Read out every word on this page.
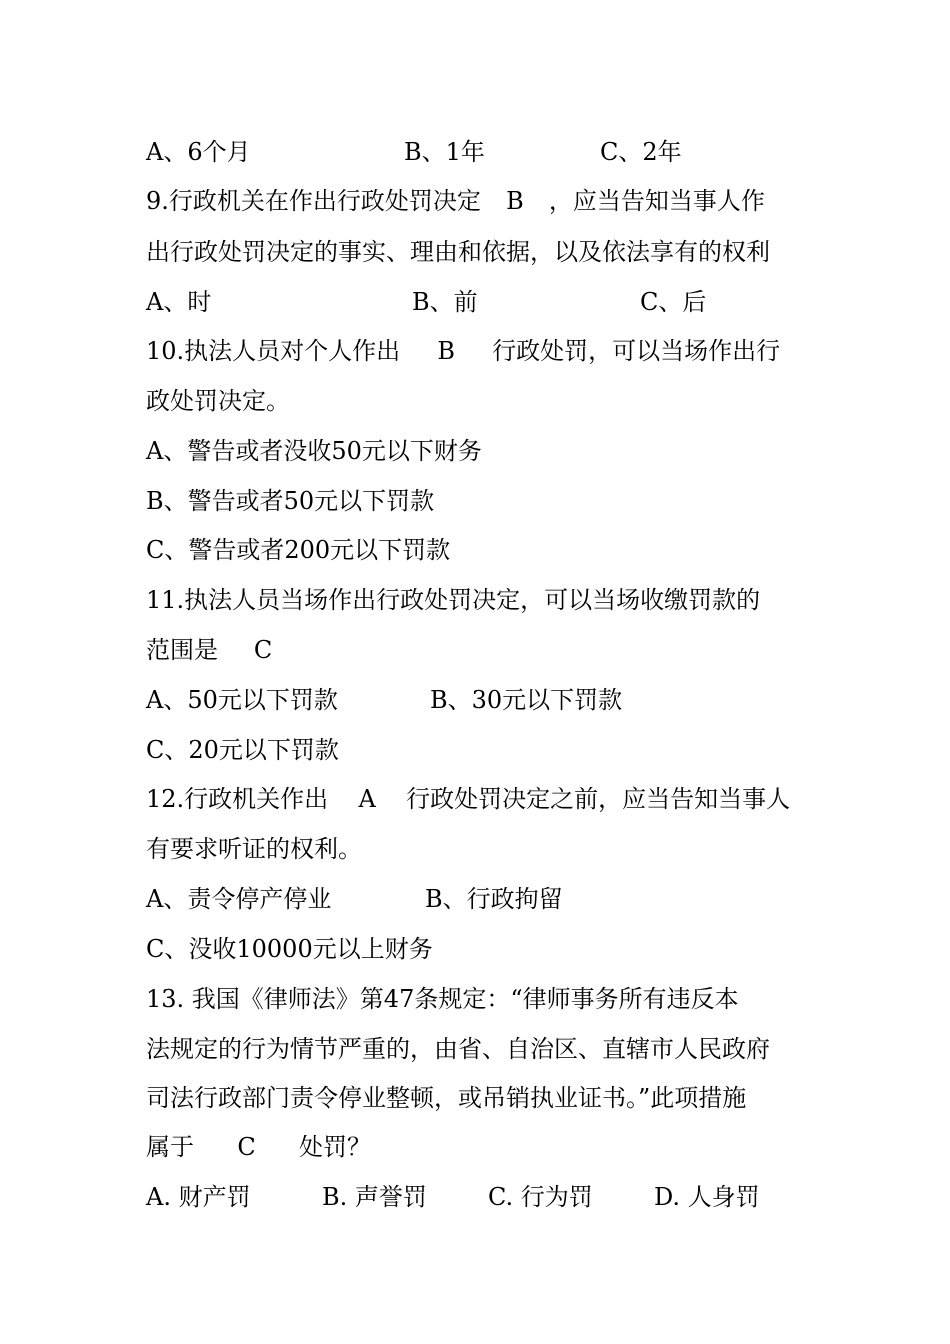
A、6个月	B、1年	C、2年
9.行政机关在作出行政处罚决定 B ，应当告知当事人作
出行政处罚决定的事实、理由和依据，以及依法享有的权利
A、时	B、前	C、后
10.执法人员对个人作出 B 行政处罚，可以当场作出行
政处罚决定。
A、警告或者没收50元以下财务
B、警告或者50元以下罚款
C、警告或者200元以下罚款
11.执法人员当场作出行政处罚决定，可以当场收缴罚款的
范围是 C
A、50元以下罚款	B、30元以下罚款
C、20元以下罚款
12.行政机关作出 A 行政处罚决定之前，应当告知当事人
有要求听证的权利。
A、责令停产停业	B、行政拘留
C、没收10000元以上财务
13. 我国《律师法》第47条规定：“律师事务所有违反本
法规定的行为情节严重的，由省、自治区、直辖市人民政府
司法行政部门责令停业整顿，或吊销执业证书。”此项措施
属于 C 处罚？
A. 财产罚	B. 声誉罚	C. 行为罚	D. 人身罚
